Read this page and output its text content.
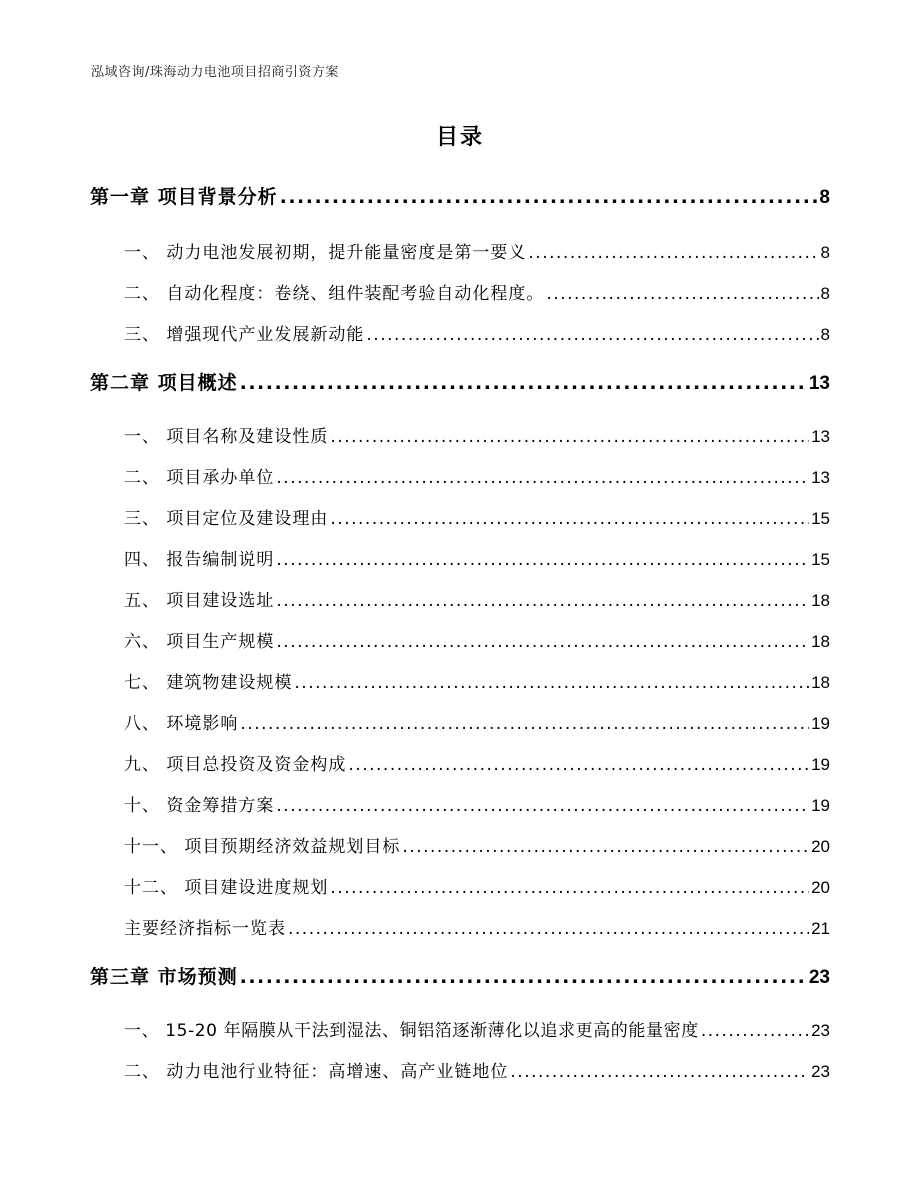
泓域咨询/珠海动力电池项目招商引资方案
目录
第一章 项目背景分析 .....	8
一、 动力电池发展初期，提升能量密度是第一要义 .....	8
二、 自动化程度：卷绕、组件装配考验自动化程度。 .....	8
三、 增强现代产业发展新动能 .....	8
第二章 项目概述 .....	13
一、 项目名称及建设性质 .....	13
二、 项目承办单位 .....	13
三、 项目定位及建设理由 .....	15
四、 报告编制说明 .....	15
五、 项目建设选址 .....	18
六、 项目生产规模 .....	18
七、 建筑物建设规模 .....	18
八、 环境影响 .....	19
九、 项目总投资及资金构成 .....	19
十、 资金筹措方案 .....	19
十一、 项目预期经济效益规划目标 .....	20
十二、 项目建设进度规划 .....	20
主要经济指标一览表 .....	21
第三章 市场预测 .....	23
一、 15-20 年隔膜从干法到湿法、铜铝箔逐渐薄化以追求更高的能量密度 .....	23
二、 动力电池行业特征：高增速、高产业链地位 .....	23
